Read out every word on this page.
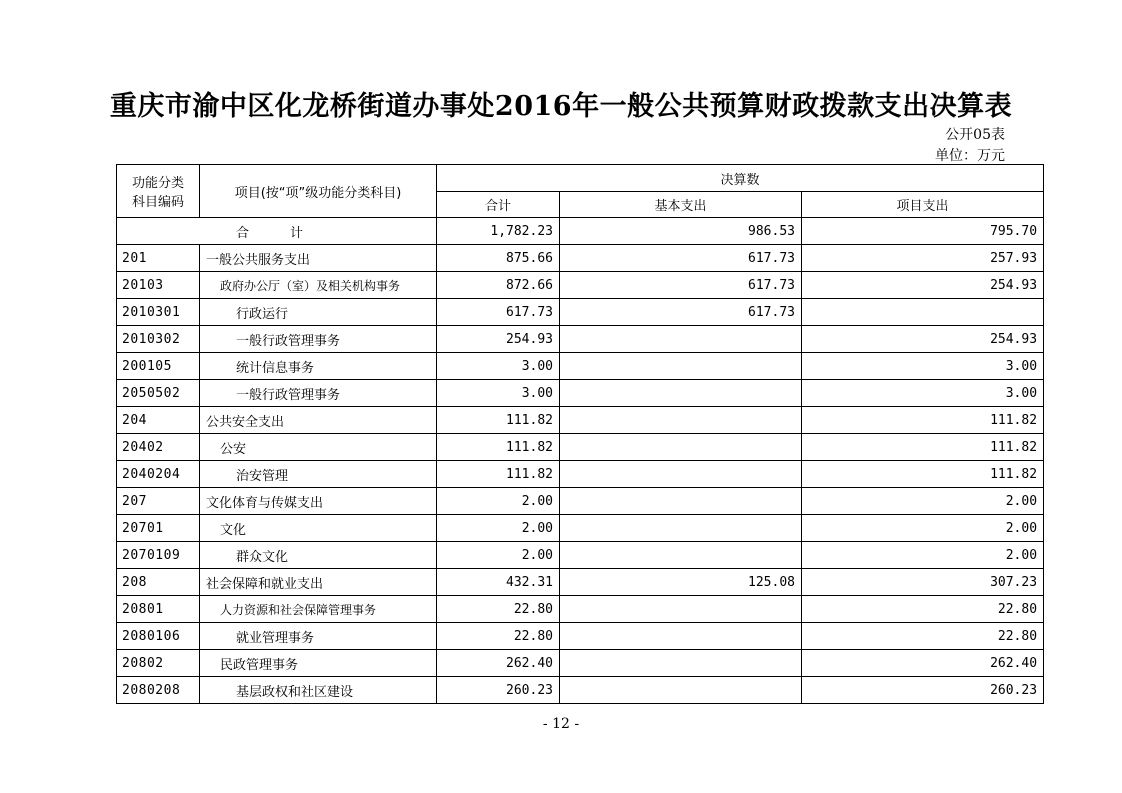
重庆市渝中区化龙桥街道办事处2016年一般公共预算财政拨款支出决算表
公开05表
单位：万元
功能分类
科目编码	项目(按“项”级功能分类科目)	决算数		
		合计	基本支出	项目支出
合　计		1,782.23	986.53	795.70
201	一般公共服务支出	875.66	617.73	257.93
20103	政府办公厅（室）及相关机构事务	872.66	617.73	254.93
2010301	行政运行	617.73	617.73	
2010302	一般行政管理事务	254.93		254.93
200105	统计信息事务	3.00		3.00
2050502	一般行政管理事务	3.00		3.00
204	公共安全支出	111.82		111.82
20402	公安	111.82		111.82
2040204	治安管理	111.82		111.82
207	文化体育与传媒支出	2.00		2.00
20701	文化	2.00		2.00
2070109	群众文化	2.00		2.00
208	社会保障和就业支出	432.31	125.08	307.23
20801	人力资源和社会保障管理事务	22.80		22.80
2080106	就业管理事务	22.80		22.80
20802	民政管理事务	262.40		262.40
2080208	基层政权和社区建设	260.23		260.23
- 12 -
